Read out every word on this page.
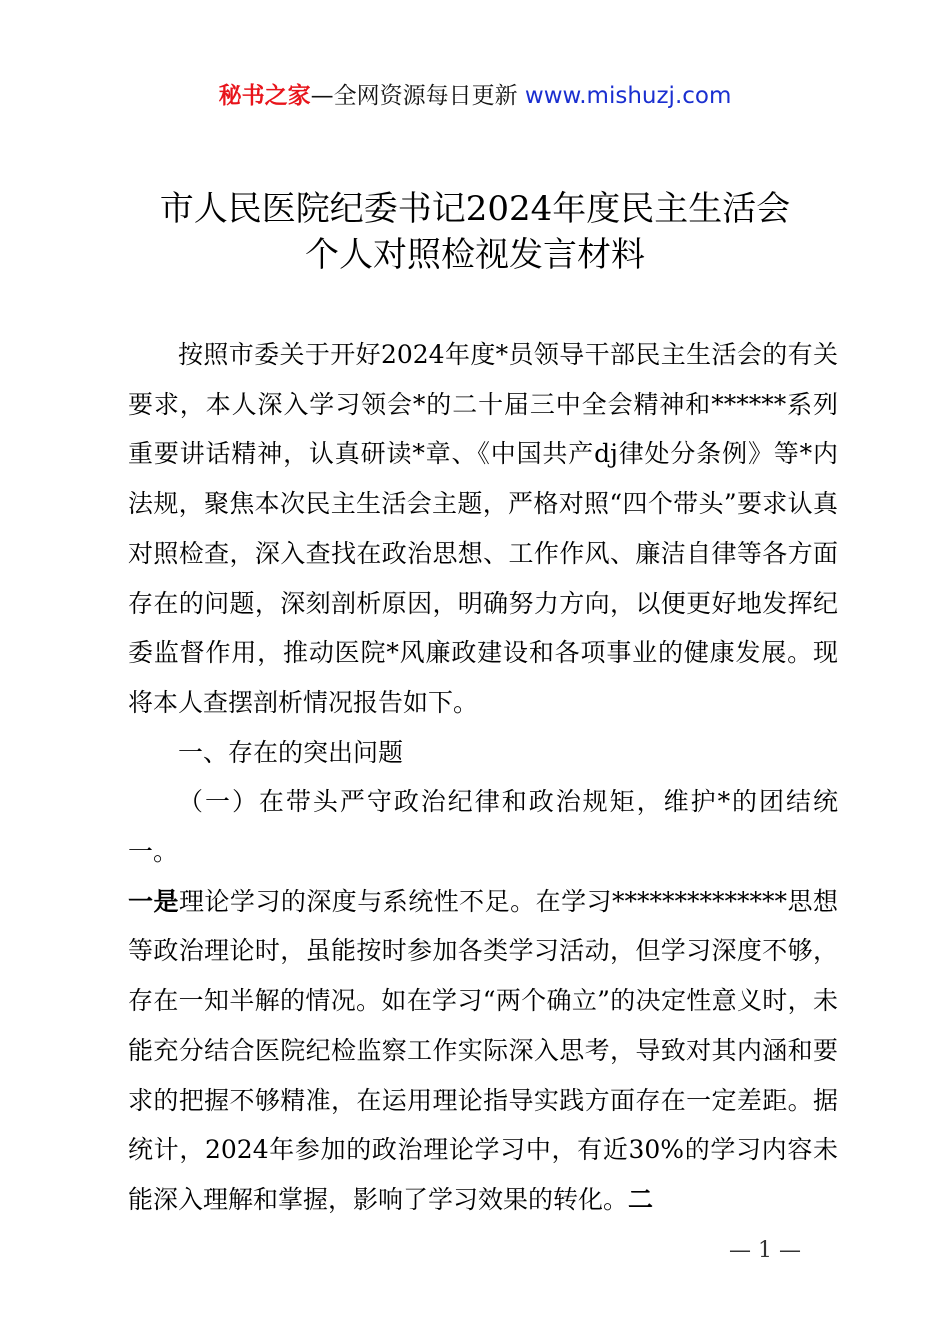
秘书之家—全网资源每日更新 www.mishuzj.com
市人民医院纪委书记2024年度民主生活会
个人对照检视发言材料

按照市委关于开好2024年度*员领导干部民主生活会的有关要求，本人深入学习领会*的二十届三中全会精神和******系列重要讲话精神，认真研读*章、《中国共产dj律处分条例》等*内法规，聚焦本次民主生活会主题，严格对照“四个带头”要求认真对照检查，深入查找在政治思想、工作作风、廉洁自律等各方面存在的问题，深刻剖析原因，明确努力方向，以便更好地发挥纪委监督作用，推动医院*风廉政建设和各项事业的健康发展。现将本人查摆剖析情况报告如下。

一、存在的突出问题

（一）在带头严守政治纪律和政治规矩，维护*的团结统一。

一是理论学习的深度与系统性不足。在学习**************思想等政治理论时，虽能按时参加各类学习活动，但学习深度不够，存在一知半解的情况。如在学习“两个确立”的决定性意义时，未能充分结合医院纪检监察工作实际深入思考，导致对其内涵和要求的把握不够精准，在运用理论指导实践方面存在一定差距。据统计，2024年参加的政治理论学习中，有近30%的学习内容未能深入理解和掌握，影响了学习效果的转化。二

— 1 —
